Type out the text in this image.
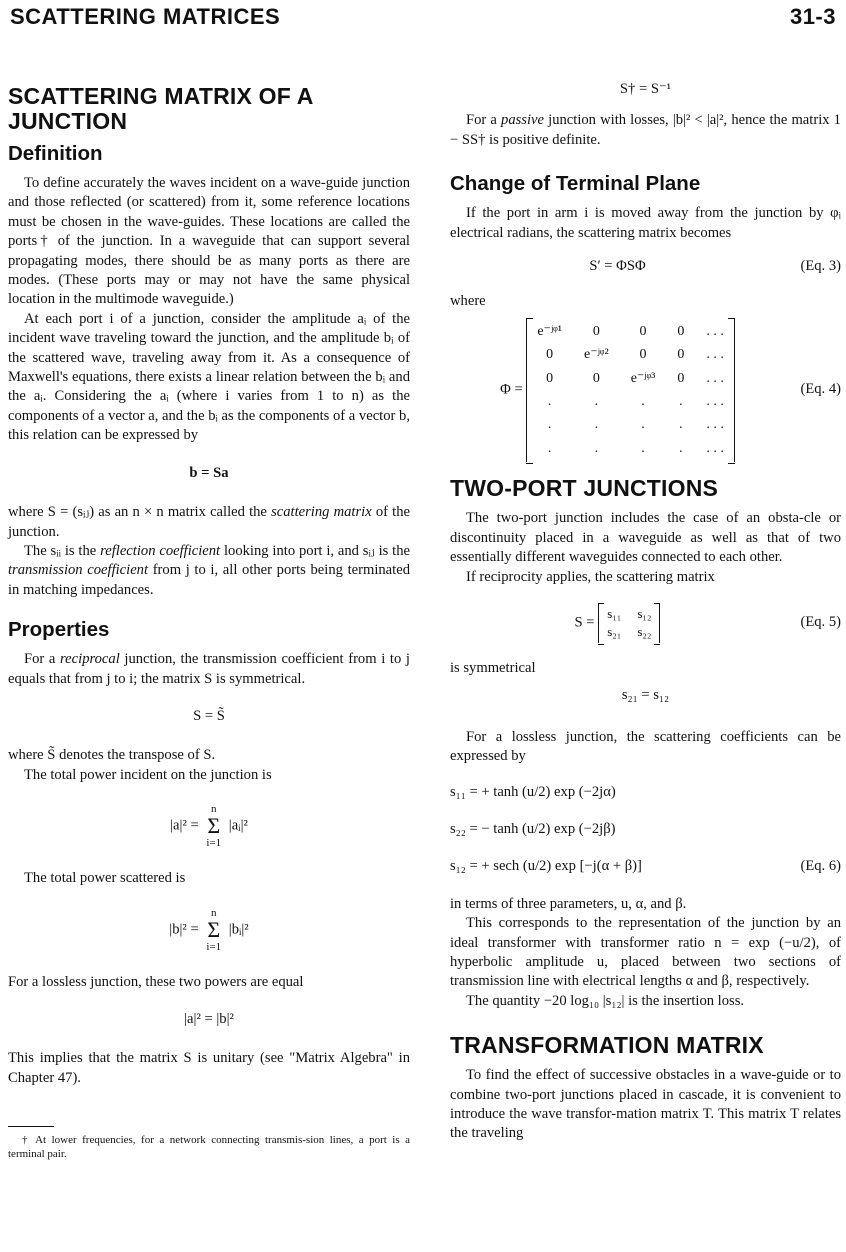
SCATTERING MATRICES	31-3
SCATTERING MATRIX OF A JUNCTION
Definition

To define accurately the waves incident on a wave-guide junction and those reflected (or scattered) from it, some reference locations must be chosen in the wave-guides. These locations are called the ports† of the junction. In a waveguide that can support several propagating modes, there should be as many ports as there are modes. (These ports may or may not have the same physical location in the multimode waveguide.)

At each port i of a junction, consider the amplitude aᵢ of the incident wave traveling toward the junction, and the amplitude bᵢ of the scattered wave, traveling away from it. As a consequence of Maxwell's equations, there exists a linear relation between the bᵢ and the aᵢ. Considering the aᵢ (where i varies from 1 to n) as the components of a vector a, and the bᵢ as the components of a vector b, this relation can be expressed by

b = Sa

where S = (sᵢⱼ) as an n × n matrix called the scattering matrix of the junction.

The sᵢᵢ is the reflection coefficient looking into port i, and sᵢⱼ is the transmission coefficient from j to i, all other ports being terminated in matching impedances.

Properties

For a reciprocal junction, the transmission coefficient from i to j equals that from j to i; the matrix S is symmetrical.

S = S̃

where S̃ denotes the transpose of S.

The total power incident on the junction is

|a|² =
n
Σ
i=1
|aᵢ|²

The total power scattered is

|b|² =
n
Σ
i=1
|bᵢ|²

For a lossless junction, these two powers are equal

|a|² = |b|²

This implies that the matrix S is unitary (see "Matrix Algebra" in Chapter 47).

† At lower frequencies, for a network connecting transmis-sion lines, a port is a terminal pair.

S† = S⁻¹

For a passive junction with losses, |b|² < |a|², hence the matrix 1 − SS† is positive definite.

Change of Terminal Plane

If the port in arm i is moved away from the junction by φᵢ electrical radians, the scattering matrix becomes

S′ = ΦSΦ	(Eq. 3)

where

Φ =
e⁻ʲᵠ¹	0	0	0 . . .
0	e⁻ʲᵠ²	0	0 . . .
0	0	e⁻ʲᵠ³ 0 . . .
.	.	.	. . . .
.	.	.	. . . .
.	.	.	. . . .
(Eq. 4)
TWO-PORT JUNCTIONS

The two-port junction includes the case of an obsta-cle or discontinuity placed in a waveguide as well as that of two essentially different waveguides connected to each other.

If reciprocity applies, the scattering matrix

S =
s₁₁ s₁₂
s₂₁ s₂₂
(Eq. 5)

is symmetrical

s₂₁ = s₁₂

For a lossless junction, the scattering coefficients can be expressed by

s₁₁ = + tanh (u/2) exp (−2jα)
s₂₂ = − tanh (u/2) exp (−2jβ)
s₁₂ = + sech (u/2) exp [−j(α + β)]	(Eq. 6)

in terms of three parameters, u, α, and β.

This corresponds to the representation of the junction by an ideal transformer with transformer ratio n = exp (−u/2), of hyperbolic amplitude u, placed between two sections of transmission line with electrical lengths α and β, respectively.

The quantity −20 log₁₀ |s₁₂| is the insertion loss.

TRANSFORMATION MATRIX

To find the effect of successive obstacles in a wave-guide or to combine two-port junctions placed in cascade, it is convenient to introduce the wave transfor-mation matrix T. This matrix T relates the traveling
